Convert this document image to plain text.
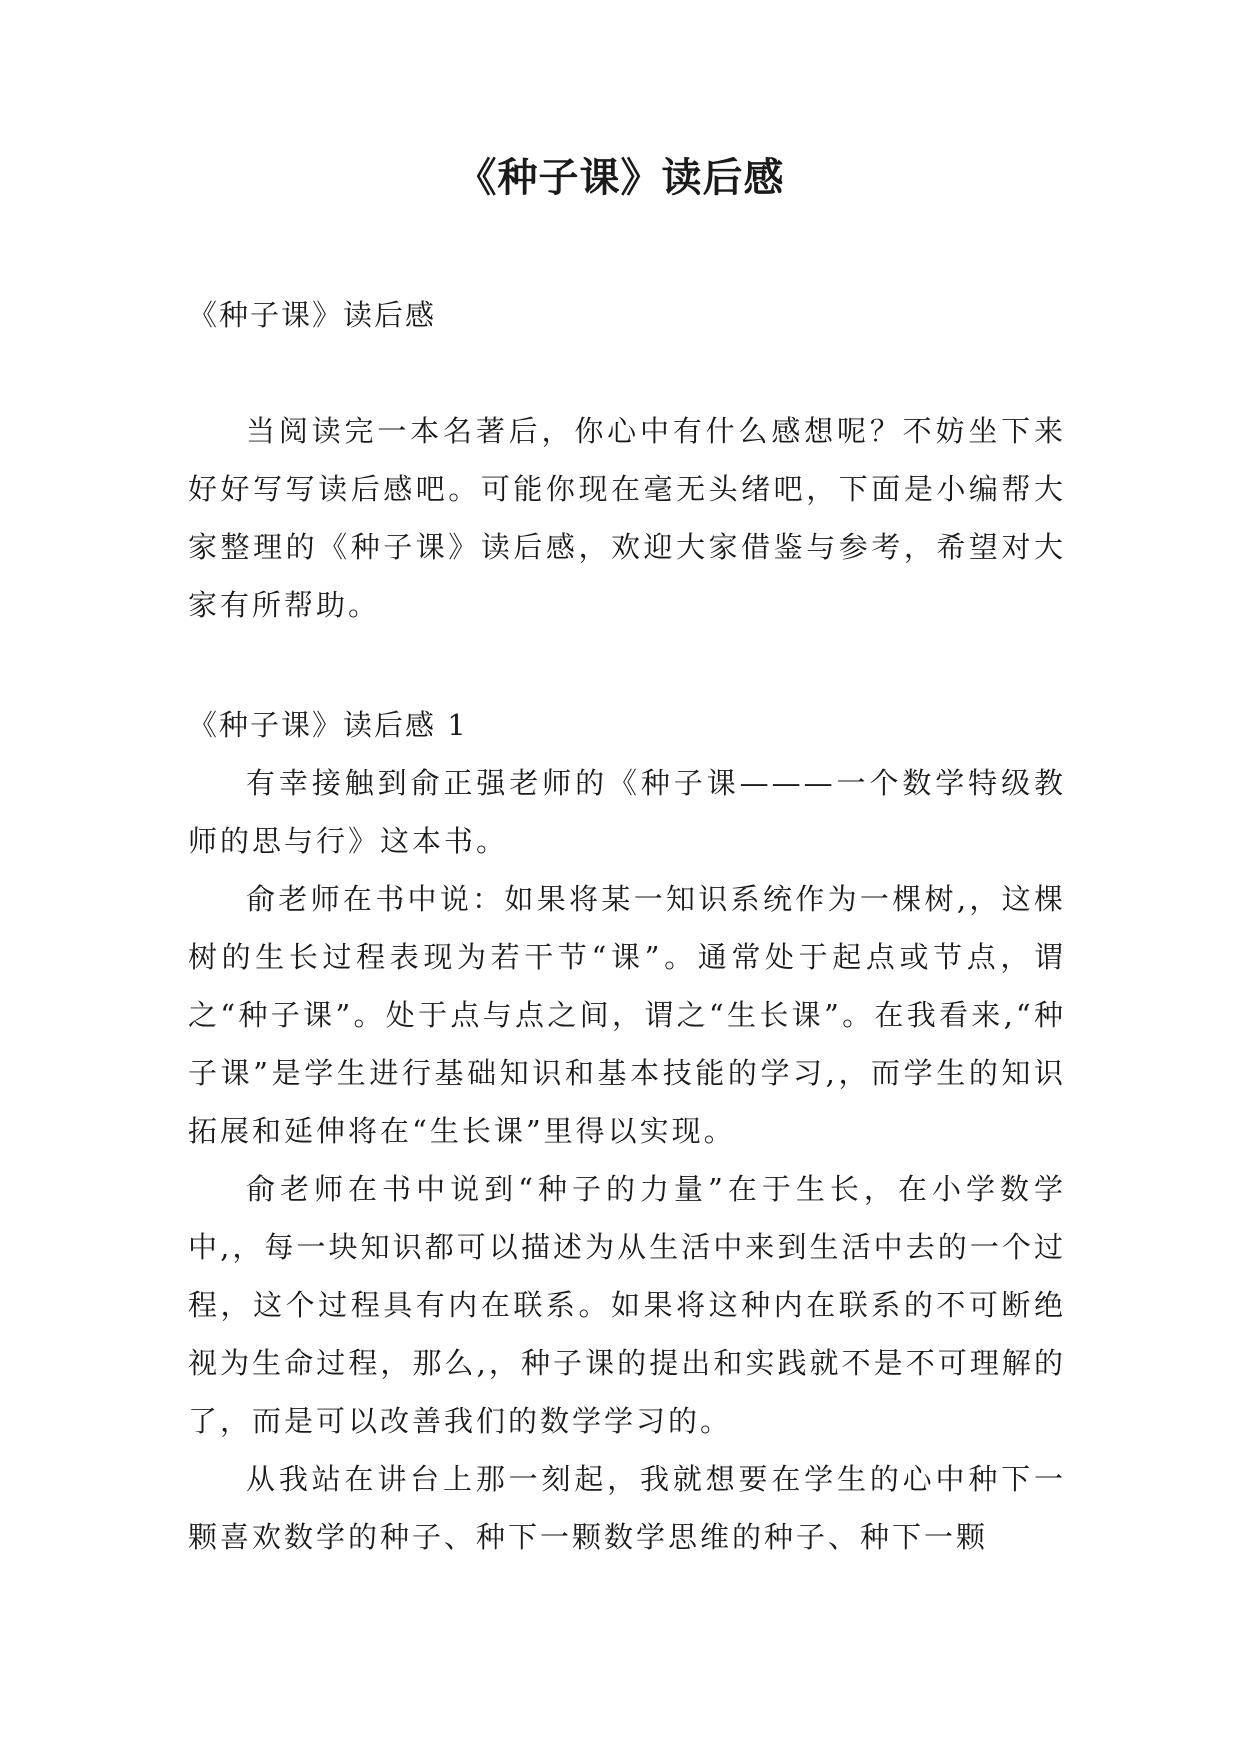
《种子课》读后感

《种子课》读后感

当阅读完一本名著后，你心中有什么感想呢？不妨坐下来好好写写读后感吧。可能你现在毫无头绪吧，下面是小编帮大家整理的《种子课》读后感，欢迎大家借鉴与参考，希望对大家有所帮助。

《种子课》读后感 1

有幸接触到俞正强老师的《种子课———一个数学特级教师的思与行》这本书。

俞老师在书中说：如果将某一知识系统作为一棵树,，这棵树的生长过程表现为若干节“课”。通常处于起点或节点，谓之“种子课”。处于点与点之间，谓之“生长课”。在我看来,“种子课”是学生进行基础知识和基本技能的学习,，而学生的知识拓展和延伸将在“生长课”里得以实现。

俞老师在书中说到“种子的力量”在于生长，在小学数学中,，每一块知识都可以描述为从生活中来到生活中去的一个过程，这个过程具有内在联系。如果将这种内在联系的不可断绝视为生命过程，那么,，种子课的提出和实践就不是不可理解的了，而是可以改善我们的数学学习的。

从我站在讲台上那一刻起，我就想要在学生的心中种下一颗喜欢数学的种子、种下一颗数学思维的种子、种下一颗
